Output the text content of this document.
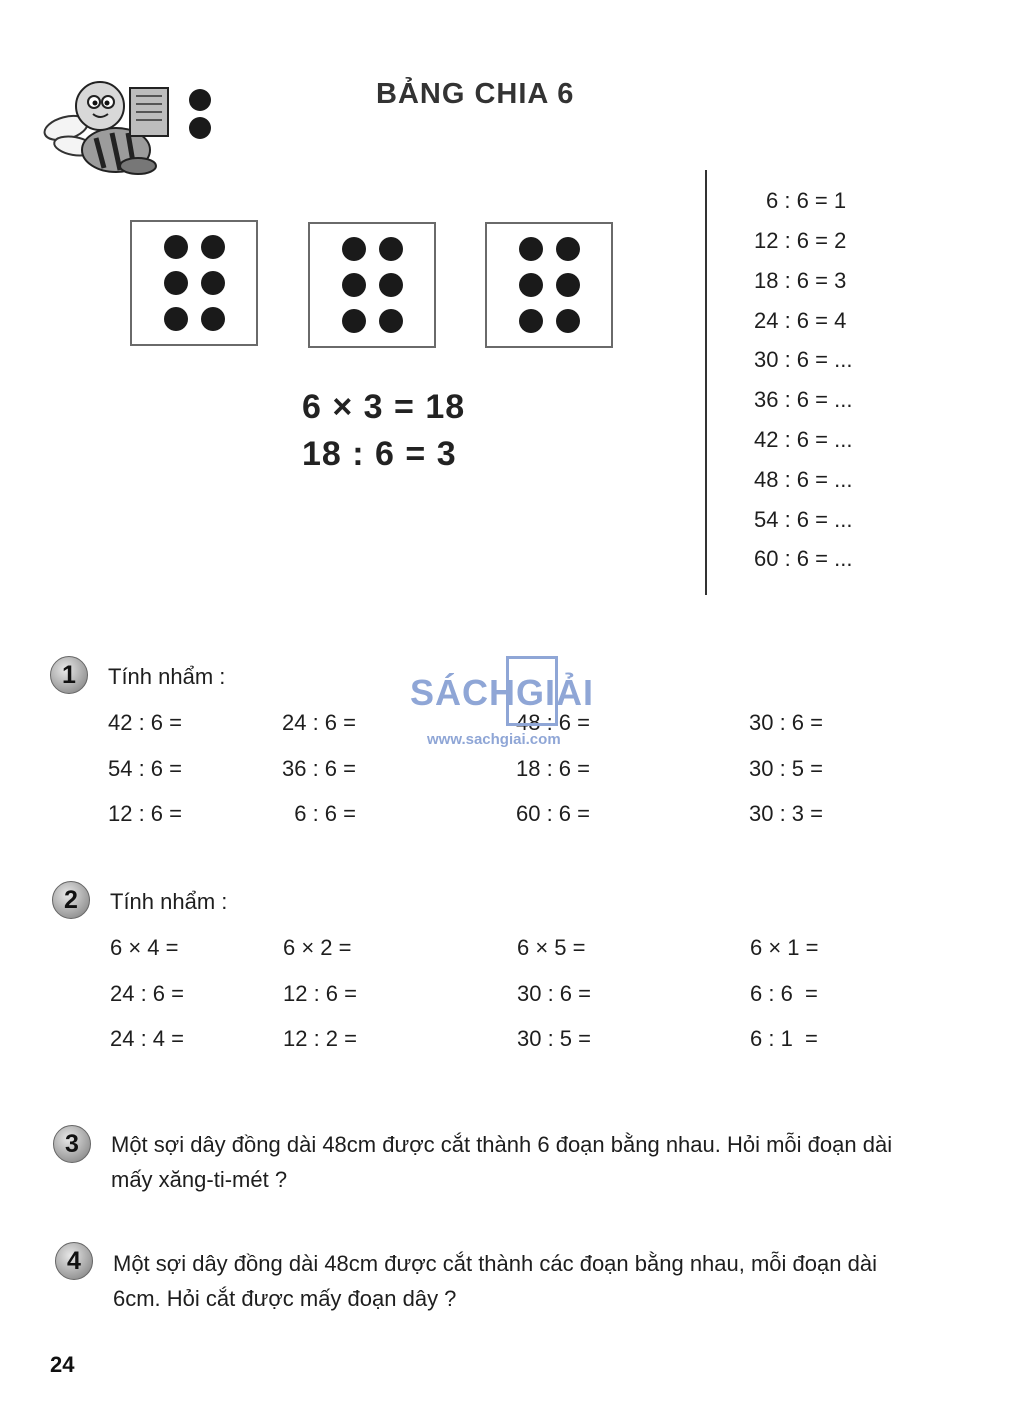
BẢNG CHIA 6
6 × 3 = 18
18 : 6 = 3
6 : 6 = 1
12 : 6 = 2
18 : 6 = 3
24 : 6 = 4
30 : 6 = ...
36 : 6 = ...
42 : 6 = ...
48 : 6 = ...
54 : 6 = ...
60 : 6 = ...
1	Tính nhẩm :
42 : 6 =	24 : 6 =	48 : 6 =	30 : 6 =
54 : 6 =	36 : 6 =	18 : 6 =	30 : 5 =
12 : 6 =	6 : 6 =	60 : 6 =	30 : 3 =
2	Tính nhẩm :
6 × 4 =	6 × 2 =	6 × 5 =	6 × 1 =
24 : 6 =	12 : 6 =	30 : 6 =	6 : 6  =
24 : 4 =	12 : 2 =	30 : 5 =	6 : 1  =
3	Một sợi dây đồng dài 48cm được cắt thành 6 đoạn bằng nhau. Hỏi mỗi đoạn dài mấy xăng-ti-mét ?
4	Một sợi dây đồng dài 48cm được cắt thành các đoạn bằng nhau, mỗi đoạn dài 6cm. Hỏi cắt được mấy đoạn dây ?
24
SÁCHGIẢI
www.sachgiai.com
